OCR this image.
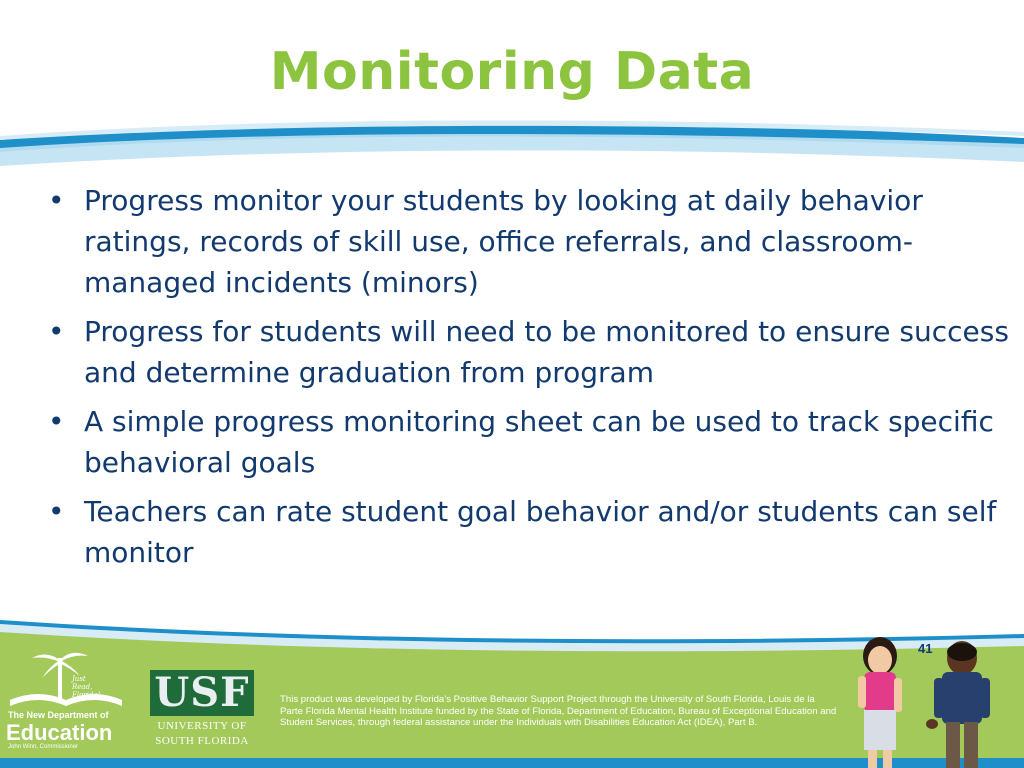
Monitoring Data
• Progress monitor your students by looking at daily behavior ratings, records of skill use, office referrals, and classroom-managed incidents (minors)
• Progress for students will need to be monitored to ensure success and determine graduation from program
• A simple progress monitoring sheet can be used to track specific behavioral goals
• Teachers can rate student goal behavior and/or students can self monitor
41
Just
Read,
Florida!
The New Department of
Education
John Winn, Commissioner
USF
UNIVERSITY OF
SOUTH FLORIDA
This product was developed by Florida’s Positive Behavior Support Project through the University of South Florida, Louis de la Parte Florida Mental Health Institute funded by the State of Florida, Department of Education, Bureau of Exceptional Education and Student Services, through federal assistance under the Individuals with Disabilities Education Act (IDEA), Part B.
